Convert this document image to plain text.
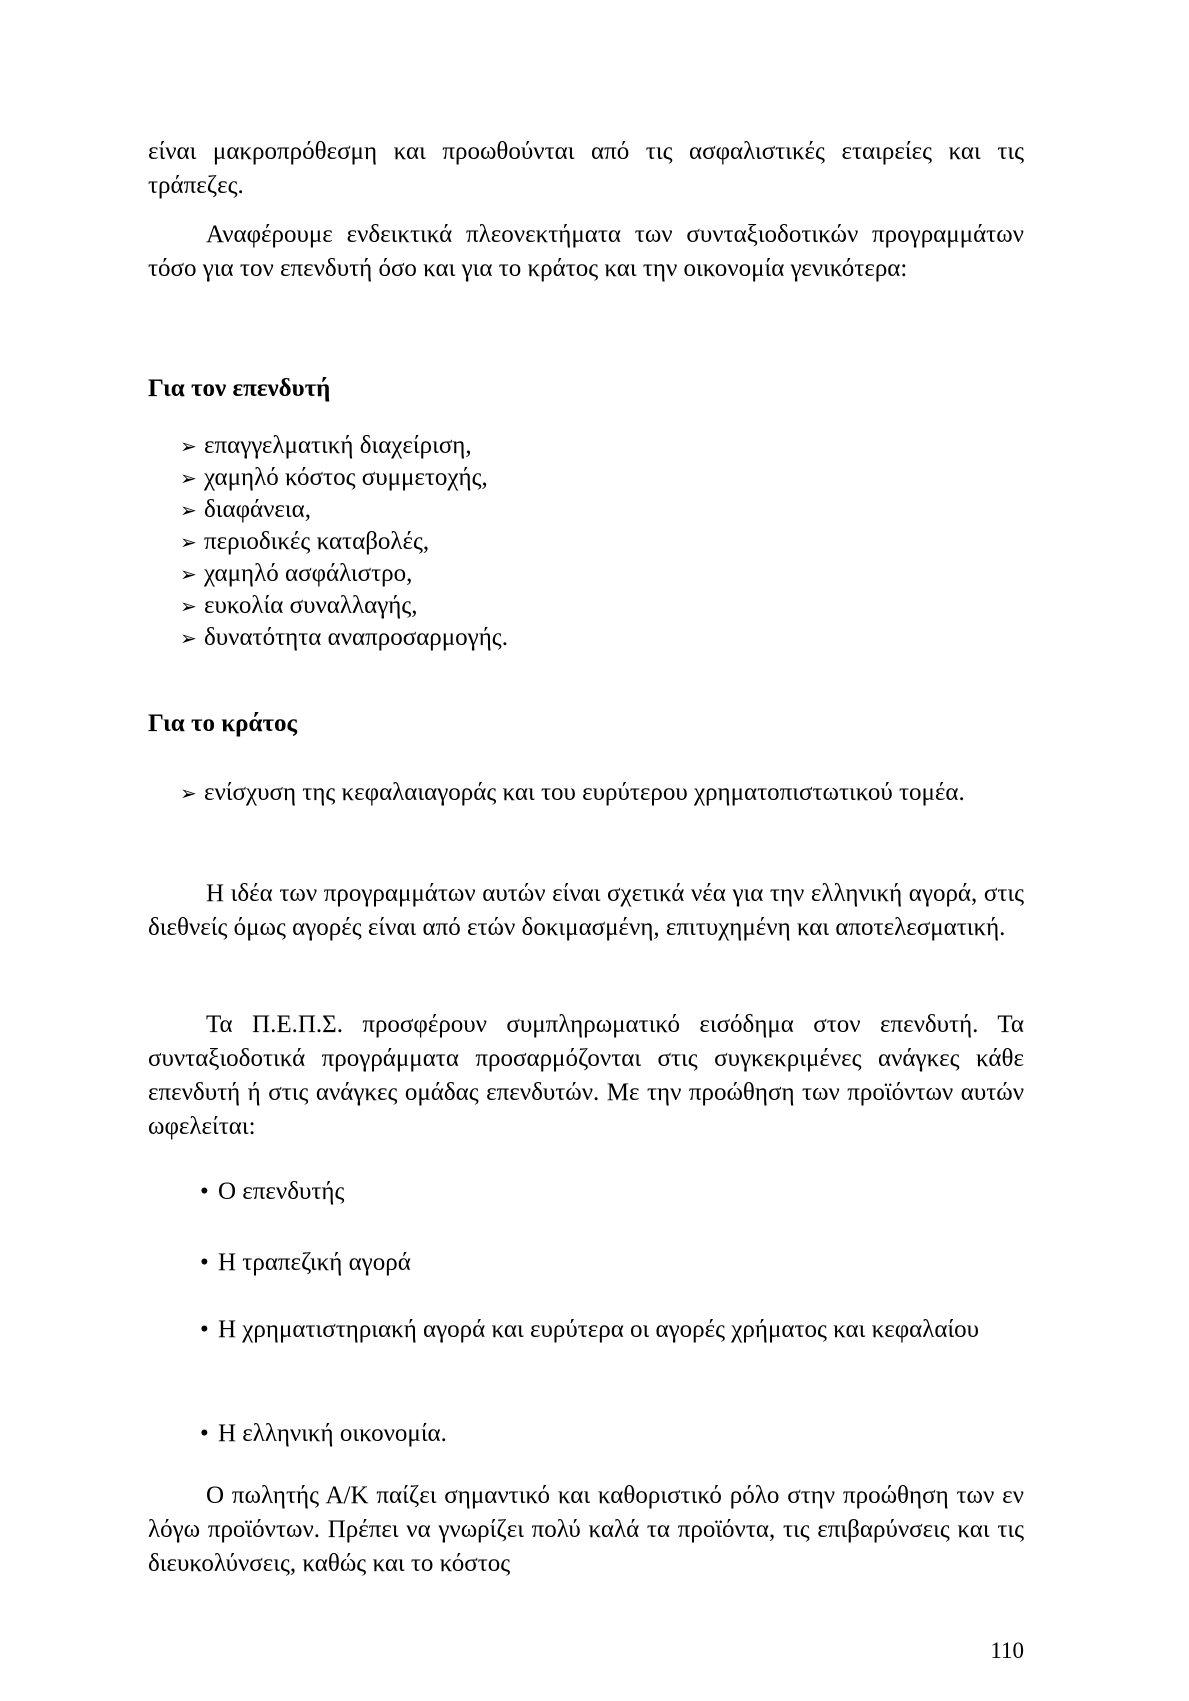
είναι μακροπρόθεσμη και προωθούνται από τις ασφαλιστικές εταιρείες και τις τράπεζες.

Αναφέρουμε ενδεικτικά πλεονεκτήματα των συνταξιοδοτικών προγραμμάτων τόσο για τον επενδυτή όσο και για το κράτος και την οικονομία γενικότερα:

Για τον επενδυτή
➢ επαγγελματική διαχείριση,
➢ χαμηλό κόστος συμμετοχής,
➢ διαφάνεια,
➢ περιοδικές καταβολές,
➢ χαμηλό ασφάλιστρο,
➢ ευκολία συναλλαγής,
➢ δυνατότητα αναπροσαρμογής.
Για το κράτος
➢ ενίσχυση της κεφαλαιαγοράς και του ευρύτερου χρηματοπιστωτικού τομέα.

Η ιδέα των προγραμμάτων αυτών είναι σχετικά νέα για την ελληνική αγορά, στις διεθνείς όμως αγορές είναι από ετών δοκιμασμένη, επιτυχημένη και αποτελεσματική.

Τα Π.Ε.Π.Σ. προσφέρουν συμπληρωματικό εισόδημα στον επενδυτή. Τα συνταξιοδοτικά προγράμματα προσαρμόζονται στις συγκεκριμένες ανάγκες κάθε επενδυτή ή στις ανάγκες ομάδας επενδυτών. Με την προώθηση των προϊόντων αυτών ωφελείται:

• Ο επενδυτής

• Η τραπεζική αγορά

• Η χρηματιστηριακή αγορά και ευρύτερα οι αγορές χρήματος και κεφαλαίου

• Η ελληνική οικονομία.

Ο πωλητής Α/Κ παίζει σημαντικό και καθοριστικό ρόλο στην προώθηση των εν λόγω προϊόντων. Πρέπει να γνωρίζει πολύ καλά τα προϊόντα, τις επιβαρύνσεις και τις διευκολύνσεις, καθώς και το κόστος

110
